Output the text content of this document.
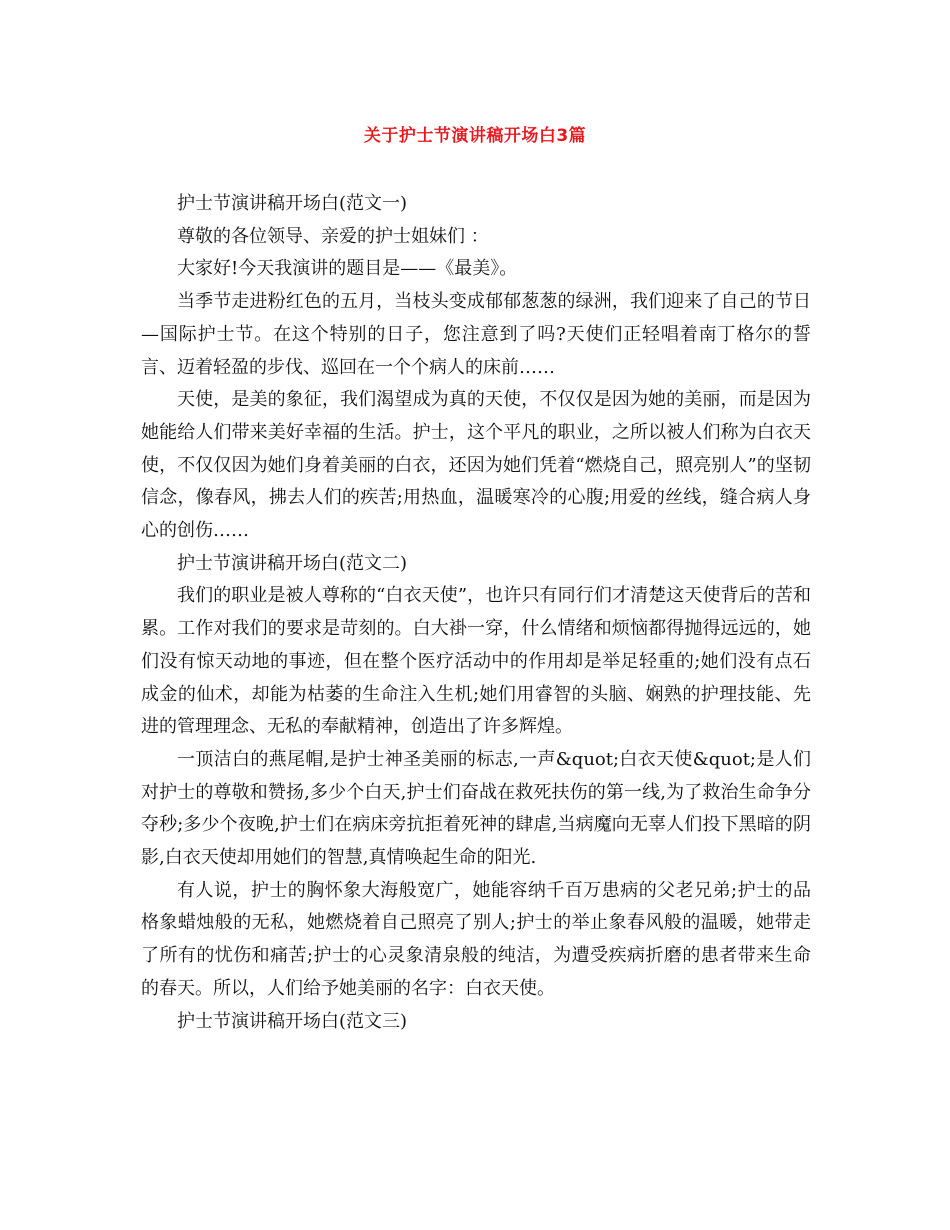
关于护士节演讲稿开场白3篇

护士节演讲稿开场白(范文一)

尊敬的各位领导、亲爱的护士姐妹们 ：

大家好!今天我演讲的题目是——《最美》。

当季节走进粉红色的五月，当枝头变成郁郁葱葱的绿洲，我们迎来了自己的节日—国际护士节。在这个特别的日子，您注意到了吗?天使们正轻唱着南丁格尔的誓言、迈着轻盈的步伐、巡回在一个个病人的床前……

天使，是美的象征，我们渴望成为真的天使，不仅仅是因为她的美丽，而是因为她能给人们带来美好幸福的生活。护士，这个平凡的职业，之所以被人们称为白衣天使，不仅仅因为她们身着美丽的白衣，还因为她们凭着“燃烧自己，照亮别人”的坚韧信念，像春风，拂去人们的疾苦;用热血，温暖寒冷的心腹;用爱的丝线，缝合病人身心的创伤……

护士节演讲稿开场白(范文二)

我们的职业是被人尊称的“白衣天使”，也许只有同行们才清楚这天使背后的苦和累。工作对我们的要求是苛刻的。白大褂一穿，什么情绪和烦恼都得抛得远远的，她们没有惊天动地的事迹，但在整个医疗活动中的作用却是举足轻重的;她们没有点石成金的仙术，却能为枯萎的生命注入生机;她们用睿智的头脑、娴熟的护理技能、先进的管理理念、无私的奉献精神，创造出了许多辉煌。

一顶洁白的燕尾帽,是护士神圣美丽的标志,一声&quot;白衣天使&quot;是人们对护士的尊敬和赞扬,多少个白天,护士们奋战在救死扶伤的第一线,为了救治生命争分夺秒;多少个夜晚,护士们在病床旁抗拒着死神的肆虐,当病魔向无辜人们投下黑暗的阴影,白衣天使却用她们的智慧,真情唤起生命的阳光.

有人说，护士的胸怀象大海般宽广，她能容纳千百万患病的父老兄弟;护士的品格象蜡烛般的无私，她燃烧着自己照亮了别人;护士的举止象春风般的温暖，她带走了所有的忧伤和痛苦;护士的心灵象清泉般的纯洁，为遭受疾病折磨的患者带来生命的春天。所以，人们给予她美丽的名字：白衣天使。

护士节演讲稿开场白(范文三)
